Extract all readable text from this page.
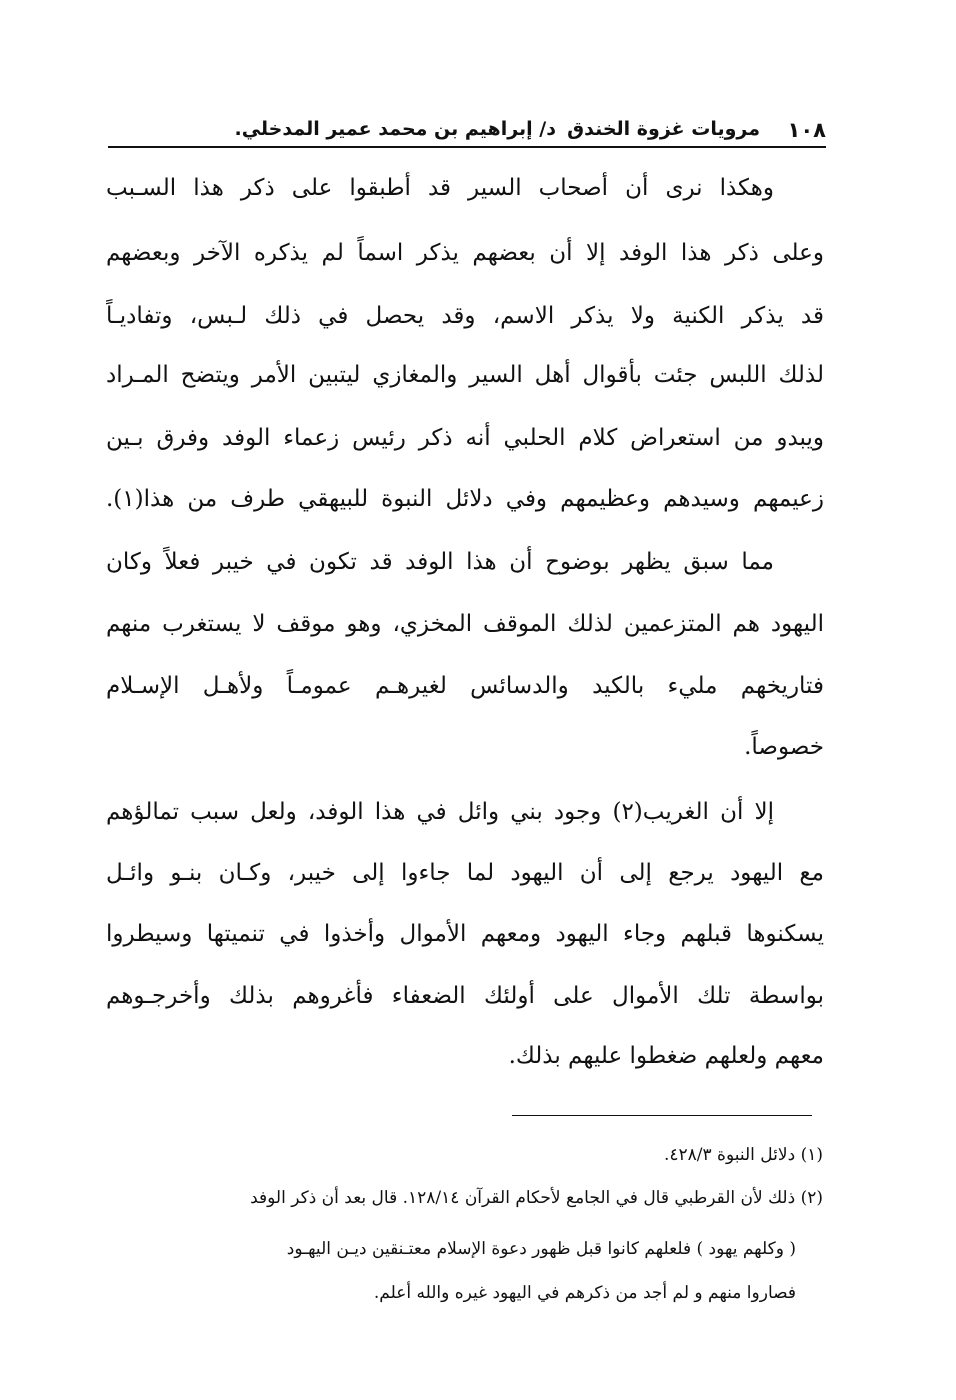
١٠٨
مرويات غزوة الخندق
د/ إبراهيم بن محمد عمير المدخلي.
وهكذا نرى أن أصحاب السير قد أطبقوا على ذكر هذا السـبب
وعلى ذكر هذا الوفد إلا أن بعضهم يذكر اسماً لم يذكره الآخر وبعضهم
قد يذكر الكنية ولا يذكر الاسم، وقد يحصل في ذلك لـبس، وتفاديـاً
لذلك اللبس جئت بأقوال أهل السير والمغازي ليتبين الأمر ويتضح المـراد
ويبدو من استعراض كلام الحلبي أنه ذكر رئيس زعماء الوفد وفرق بـين
زعيمهم وسيدهم وعظيمهم وفي دلائل النبوة للبيهقي طرف من هذا(١).
مما سبق يظهر بوضوح أن هذا الوفد قد تكون في خيبر فعلاً وكان
اليهود هم المتزعمين لذلك الموقف المخزي، وهو موقف لا يستغرب منهم
فتاريخهم مليء بالكيد والدسائس لغيرهـم عمومـاً ولأهـل الإسـلام
خصوصاً.
إلا أن الغريب(٢) وجود بني وائل في هذا الوفد، ولعل سبب تمالؤهم
مع اليهود يرجع إلى أن اليهود لما جاءوا إلى خيبر، وكـان بنـو وائـل
يسكنوها قبلهم وجاء اليهود ومعهم الأموال وأخذوا في تنميتها وسيطروا
بواسطة تلك الأموال على أولئك الضعفاء فأغروهم بذلك وأخرجـوهم
معهم ولعلهم ضغطوا عليهم بذلك.
(١) دلائل النبوة ٤٢٨/٣.
(٢) ذلك لأن القرطبي قال في الجامع لأحكام القرآن ١٢٨/١٤. قال بعد أن ذكر الوفد
( وكلهم يهود ) فلعلهم كانوا قبل ظهور دعوة الإسلام معتـنقين ديـن اليهـود
فصاروا منهم و لم أجد من ذكرهم في اليهود غيره والله أعلم.
